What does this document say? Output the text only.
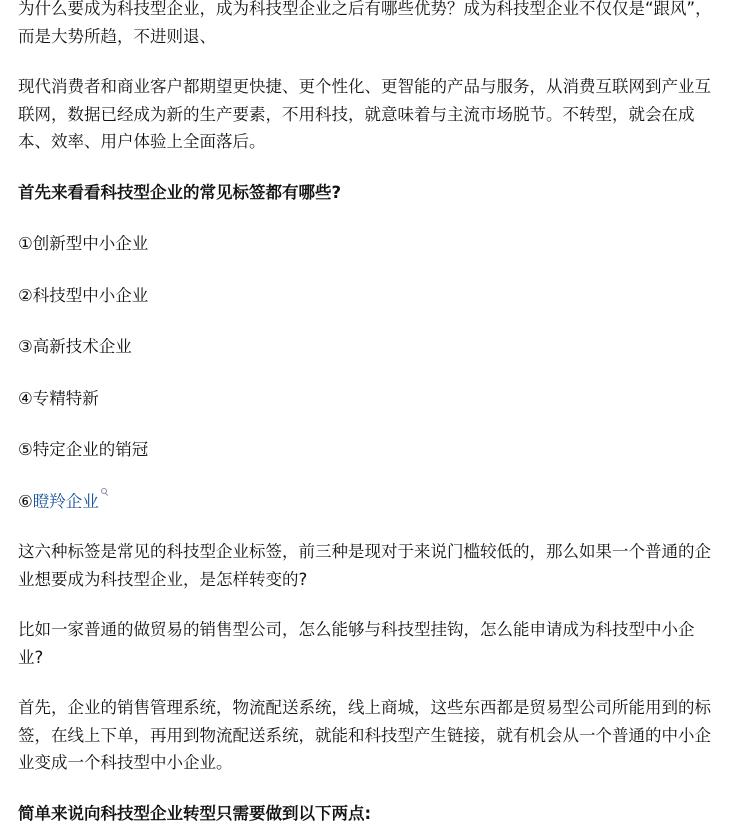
为什么要成为科技型企业，成为科技型企业之后有哪些优势？成为科技型企业不仅仅是“跟风”，而是大势所趋，不进则退、

现代消费者和商业客户都期望更快捷、更个性化、更智能的产品与服务，从消费互联网到产业互联网，数据已经成为新的生产要素，不用科技，就意味着与主流市场脱节。不转型，就会在成本、效率、用户体验上全面落后。

首先来看看科技型企业的常见标签都有哪些?

①创新型中小企业

②科技型中小企业

③高新技术企业

④专精特新

⑤特定企业的销冠

⑥瞪羚企业

这六种标签是常见的科技型企业标签，前三种是现对于来说门槛较低的，那么如果一个普通的企业想要成为科技型企业，是怎样转变的?

比如一家普通的做贸易的销售型公司，怎么能够与科技型挂钩，怎么能申请成为科技型中小企业?

首先，企业的销售管理系统，物流配送系统，线上商城，这些东西都是贸易型公司所能用到的标签，在线上下单，再用到物流配送系统，就能和科技型产生链接，就有机会从一个普通的中小企业变成一个科技型中小企业。

简单来说向科技型企业转型只需要做到以下两点:
